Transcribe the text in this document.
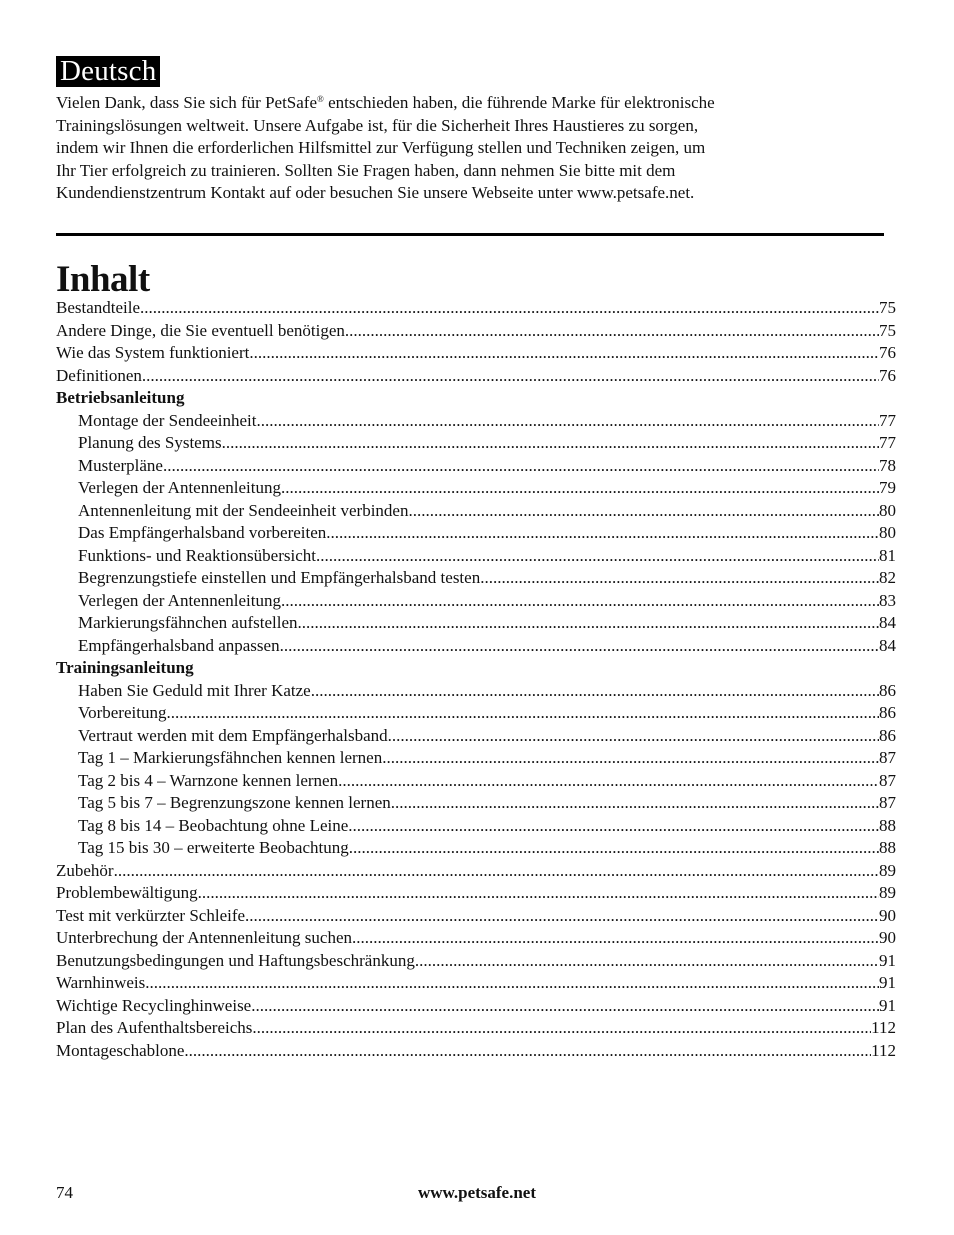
Deutsch

Vielen Dank, dass Sie sich für PetSafe® entschieden haben, die führende Marke für elektronische

Trainingslösungen weltweit. Unsere Aufgabe ist, für die Sicherheit Ihres Haustieres zu sorgen,

indem wir Ihnen die erforderlichen Hilfsmittel zur Verfügung stellen und Techniken zeigen, um

Ihr Tier erfolgreich zu trainieren. Sollten Sie Fragen haben, dann nehmen Sie bitte mit dem

Kundendienstzentrum Kontakt auf oder besuchen Sie unsere Webseite unter www.petsafe.net.

Inhalt
Bestandteile .....	75
Andere Dinge, die Sie eventuell benötigen .....	75
Wie das System funktioniert .....	76
Definitionen .....	76
Betriebsanleitung
Montage der Sendeeinheit .....	77
Planung des Systems .....	77
Musterpläne .....	78
Verlegen der Antennenleitung .....	79
Antennenleitung mit der Sendeeinheit verbinden .....	80
Das Empfängerhalsband vorbereiten .....	80
Funktions- und Reaktionsübersicht .....	81
Begrenzungstiefe einstellen und Empfängerhalsband testen .....	82
Verlegen der Antennenleitung .....	83
Markierungsfähnchen aufstellen .....	84
Empfängerhalsband anpassen .....	84
Trainingsanleitung
Haben Sie Geduld mit Ihrer Katze .....	86
Vorbereitung .....	86
Vertraut werden mit dem Empfängerhalsband .....	86
Tag 1 – Markierungsfähnchen kennen lernen .....	87
Tag 2 bis 4 – Warnzone kennen lernen .....	87
Tag 5 bis 7 – Begrenzungszone kennen lernen .....	87
Tag 8 bis 14 – Beobachtung ohne Leine .....	88
Tag 15 bis 30 – erweiterte Beobachtung .....	88
Zubehör .....	89
Problembewältigung .....	89
Test mit verkürzter Schleife .....	90
Unterbrechung der Antennenleitung suchen .....	90
Benutzungsbedingungen und Haftungsbeschränkung .....	91
Warnhinweis .....	91
Wichtige Recyclinghinweise .....	91
Plan des Aufenthaltsbereichs .....	112
Montageschablone .....	112
74	www.petsafe.net
